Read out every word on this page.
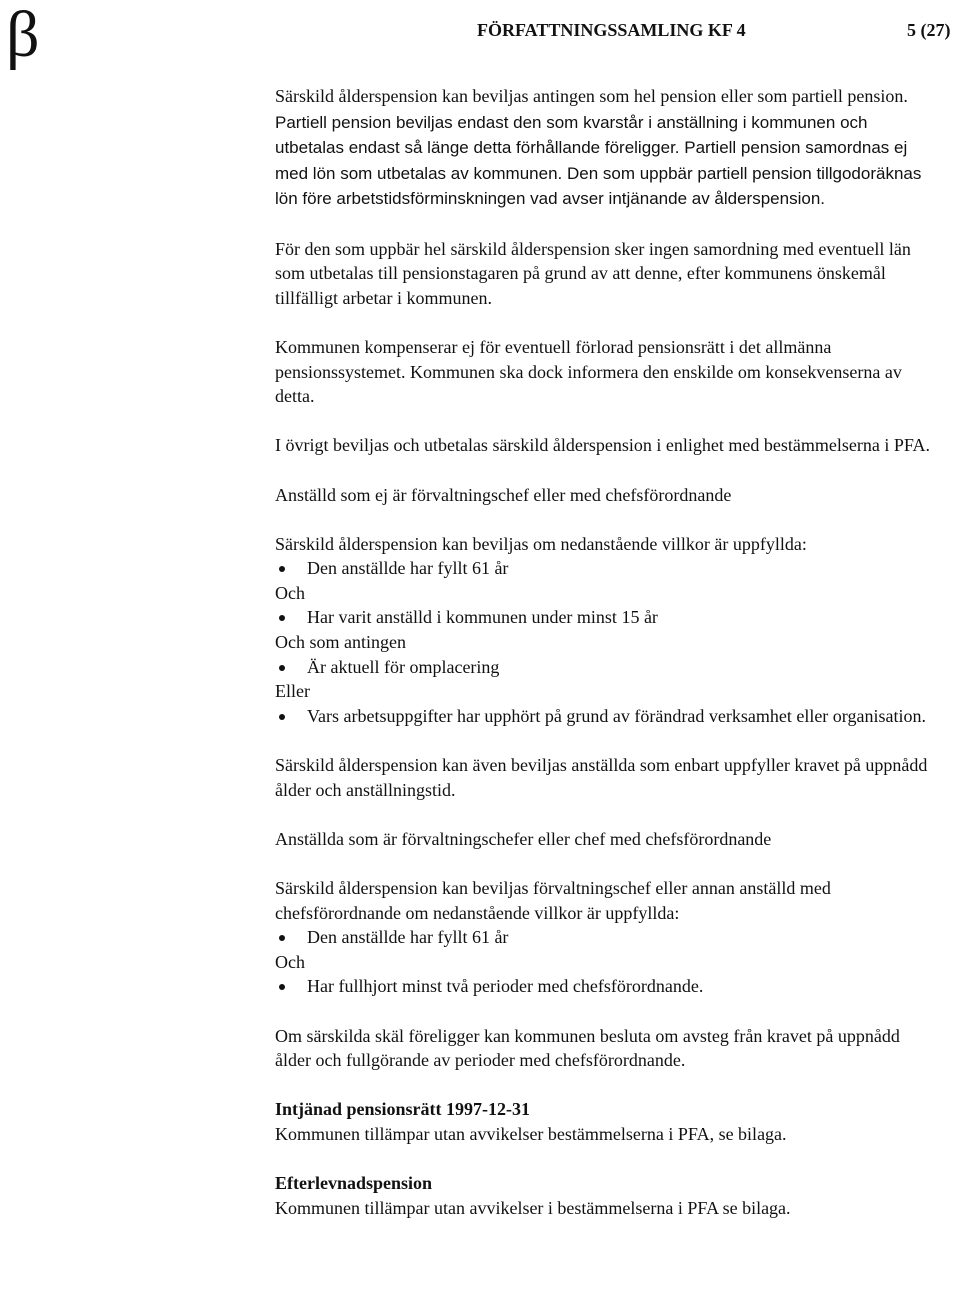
β	FÖRFATTNINGSSAMLING KF 4	5 (27)

Särskild ålderspension kan beviljas antingen som hel pension eller som partiell pension. Partiell pension beviljas endast den som kvarstår i anställning i kommunen och utbetalas endast så länge detta förhållande föreligger. Partiell pension samordnas ej med lön som utbetalas av kommunen. Den som uppbär partiell pension tillgodoräknas lön före arbetstidsförminskningen vad avser intjänande av ålderspension.

För den som uppbär hel särskild ålderspension sker ingen samordning med eventuell län som utbetalas till pensionstagaren på grund av att denne, efter kommunens önskemål tillfälligt arbetar i kommunen.

Kommunen kompenserar ej för eventuell förlorad pensionsrätt i det allmänna pensionssystemet. Kommunen ska dock informera den enskilde om konsekvenserna av detta.

I övrigt beviljas och utbetalas särskild ålderspension i enlighet med bestämmelserna i PFA.

Anställd som ej är förvaltningschef eller med chefsförordnande

Särskild ålderspension kan beviljas om nedanstående villkor är uppfyllda:

Den anställde har fyllt 61 år

Och

Har varit anställd i kommunen under minst 15 år

Och som antingen

Är aktuell för omplacering

Eller

Vars arbetsuppgifter har upphört på grund av förändrad verksamhet eller organisation.

Särskild ålderspension kan även beviljas anställda som enbart uppfyller kravet på uppnådd ålder och anställningstid.

Anställda som är förvaltningschefer eller chef med chefsförordnande

Särskild ålderspension kan beviljas förvaltningschef eller annan anställd med chefsförordnande om nedanstående villkor är uppfyllda:

Den anställde har fyllt 61 år

Och

Har fullhjort minst två perioder med chefsförordnande.

Om särskilda skäl föreligger kan kommunen besluta om avsteg från kravet på uppnådd ålder och fullgörande av perioder med chefsförordnande.

Intjänad pensionsrätt 1997-12-31

Kommunen tillämpar utan avvikelser bestämmelserna i PFA, se bilaga.

Efterlevnadspension

Kommunen tillämpar utan avvikelser i bestämmelserna i PFA se bilaga.
